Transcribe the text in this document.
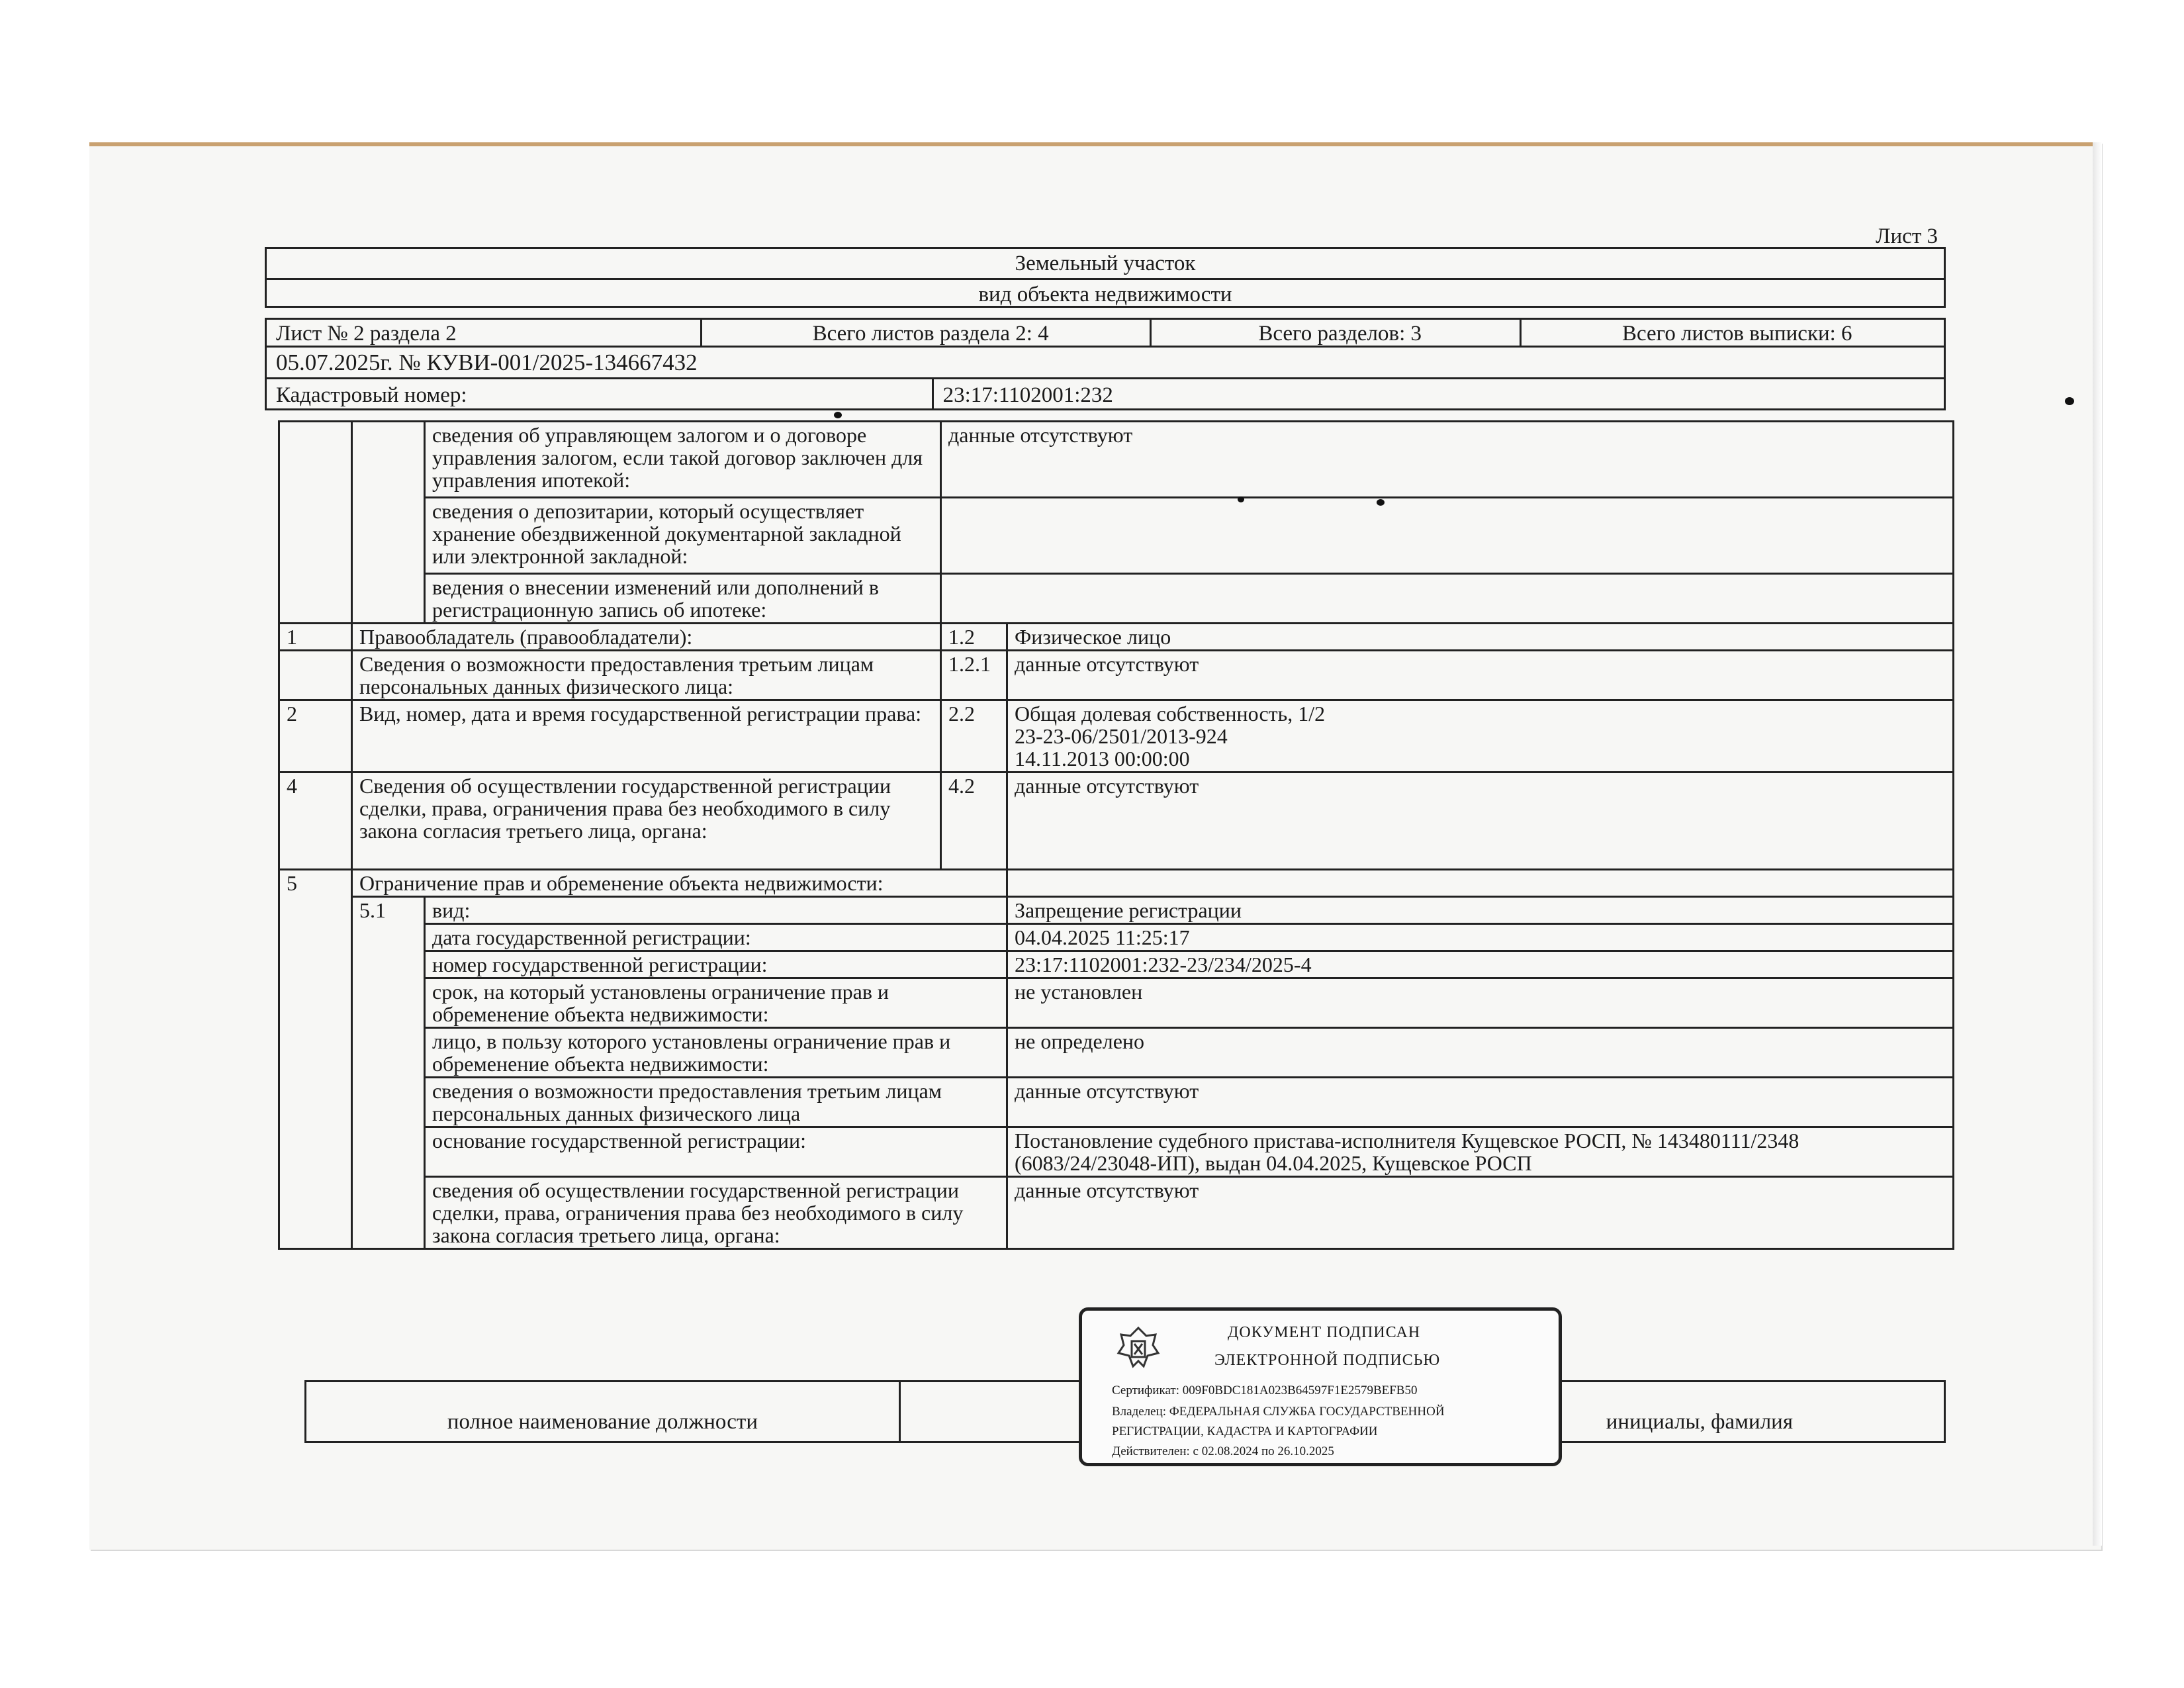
Лист 3
Земельный участок
вид объекта недвижимости
Лист № 2 раздела 2	Всего листов раздела 2: 4	Всего разделов: 3	Всего листов выписки: 6
05.07.2025г. № КУВИ-001/2025-134667432
Кадастровый номер:	23:17:1102001:232
		сведения об управляющем залогом и о договоре управления залогом, если такой договор заключен для управления ипотекой:	данные отсутствуют	
		сведения о депозитарии, который осуществляет хранение обездвиженной документарной закладной или электронной закладной:		
		ведения о внесении изменений или дополнений в регистрационную запись об ипотеке:		
1	Правообладатель (правообладатели):		1.2	Физическое лицо
	Сведения о возможности предоставления третьим лицам персональных данных физического лица:		1.2.1	данные отсутствуют
2	Вид, номер, дата и время государственной регистрации права:		2.2	Общая долевая собственность, 1/2
23-23-06/2501/2013-924
14.11.2013 00:00:00

4	Сведения об осуществлении государственной регистрации сделки, права, ограничения права без необходимого в силу закона согласия третьего лица, органа:		4.2	данные отсутствуют
5	Ограничение прав и обременение объекта недвижимости:			
	5.1	вид:		Запрещение регистрации
		дата государственной регистрации:		04.04.2025 11:25:17
		номер государственной регистрации:		23:17:1102001:232-23/234/2025-4
		срок, на который установлены ограничение прав и обременение объекта недвижимости:		не установлен
		лицо, в пользу которого установлены ограничение прав и обременение объекта недвижимости:		не определено
		сведения о возможности предоставления третьим лицам персональных данных физического лица		данные отсутствуют
		основание государственной регистрации:		Постановление судебного пристава-исполнителя Кущевское РОСП, № 143480111/2348 (6083/24/23048-ИП), выдан 04.04.2025, Кущевское РОСП
		сведения об осуществлении государственной регистрации сделки, права, ограничения права без необходимого в силу закона согласия третьего лица, органа:		данные отсутствуют
полное наименование должности	инициалы, фамилия
ДОКУМЕНТ ПОДПИСАН
ЭЛЕКТРОННОЙ ПОДПИСЬЮ
Сертификат: 009F0BDC181A023B64597F1E2579BEFB50
Владелец: ФЕДЕРАЛЬНАЯ СЛУЖБА ГОСУДАРСТВЕННОЙ
РЕГИСТРАЦИИ, КАДАСТРА И КАРТОГРАФИИ
Действителен: с 02.08.2024 по 26.10.2025
